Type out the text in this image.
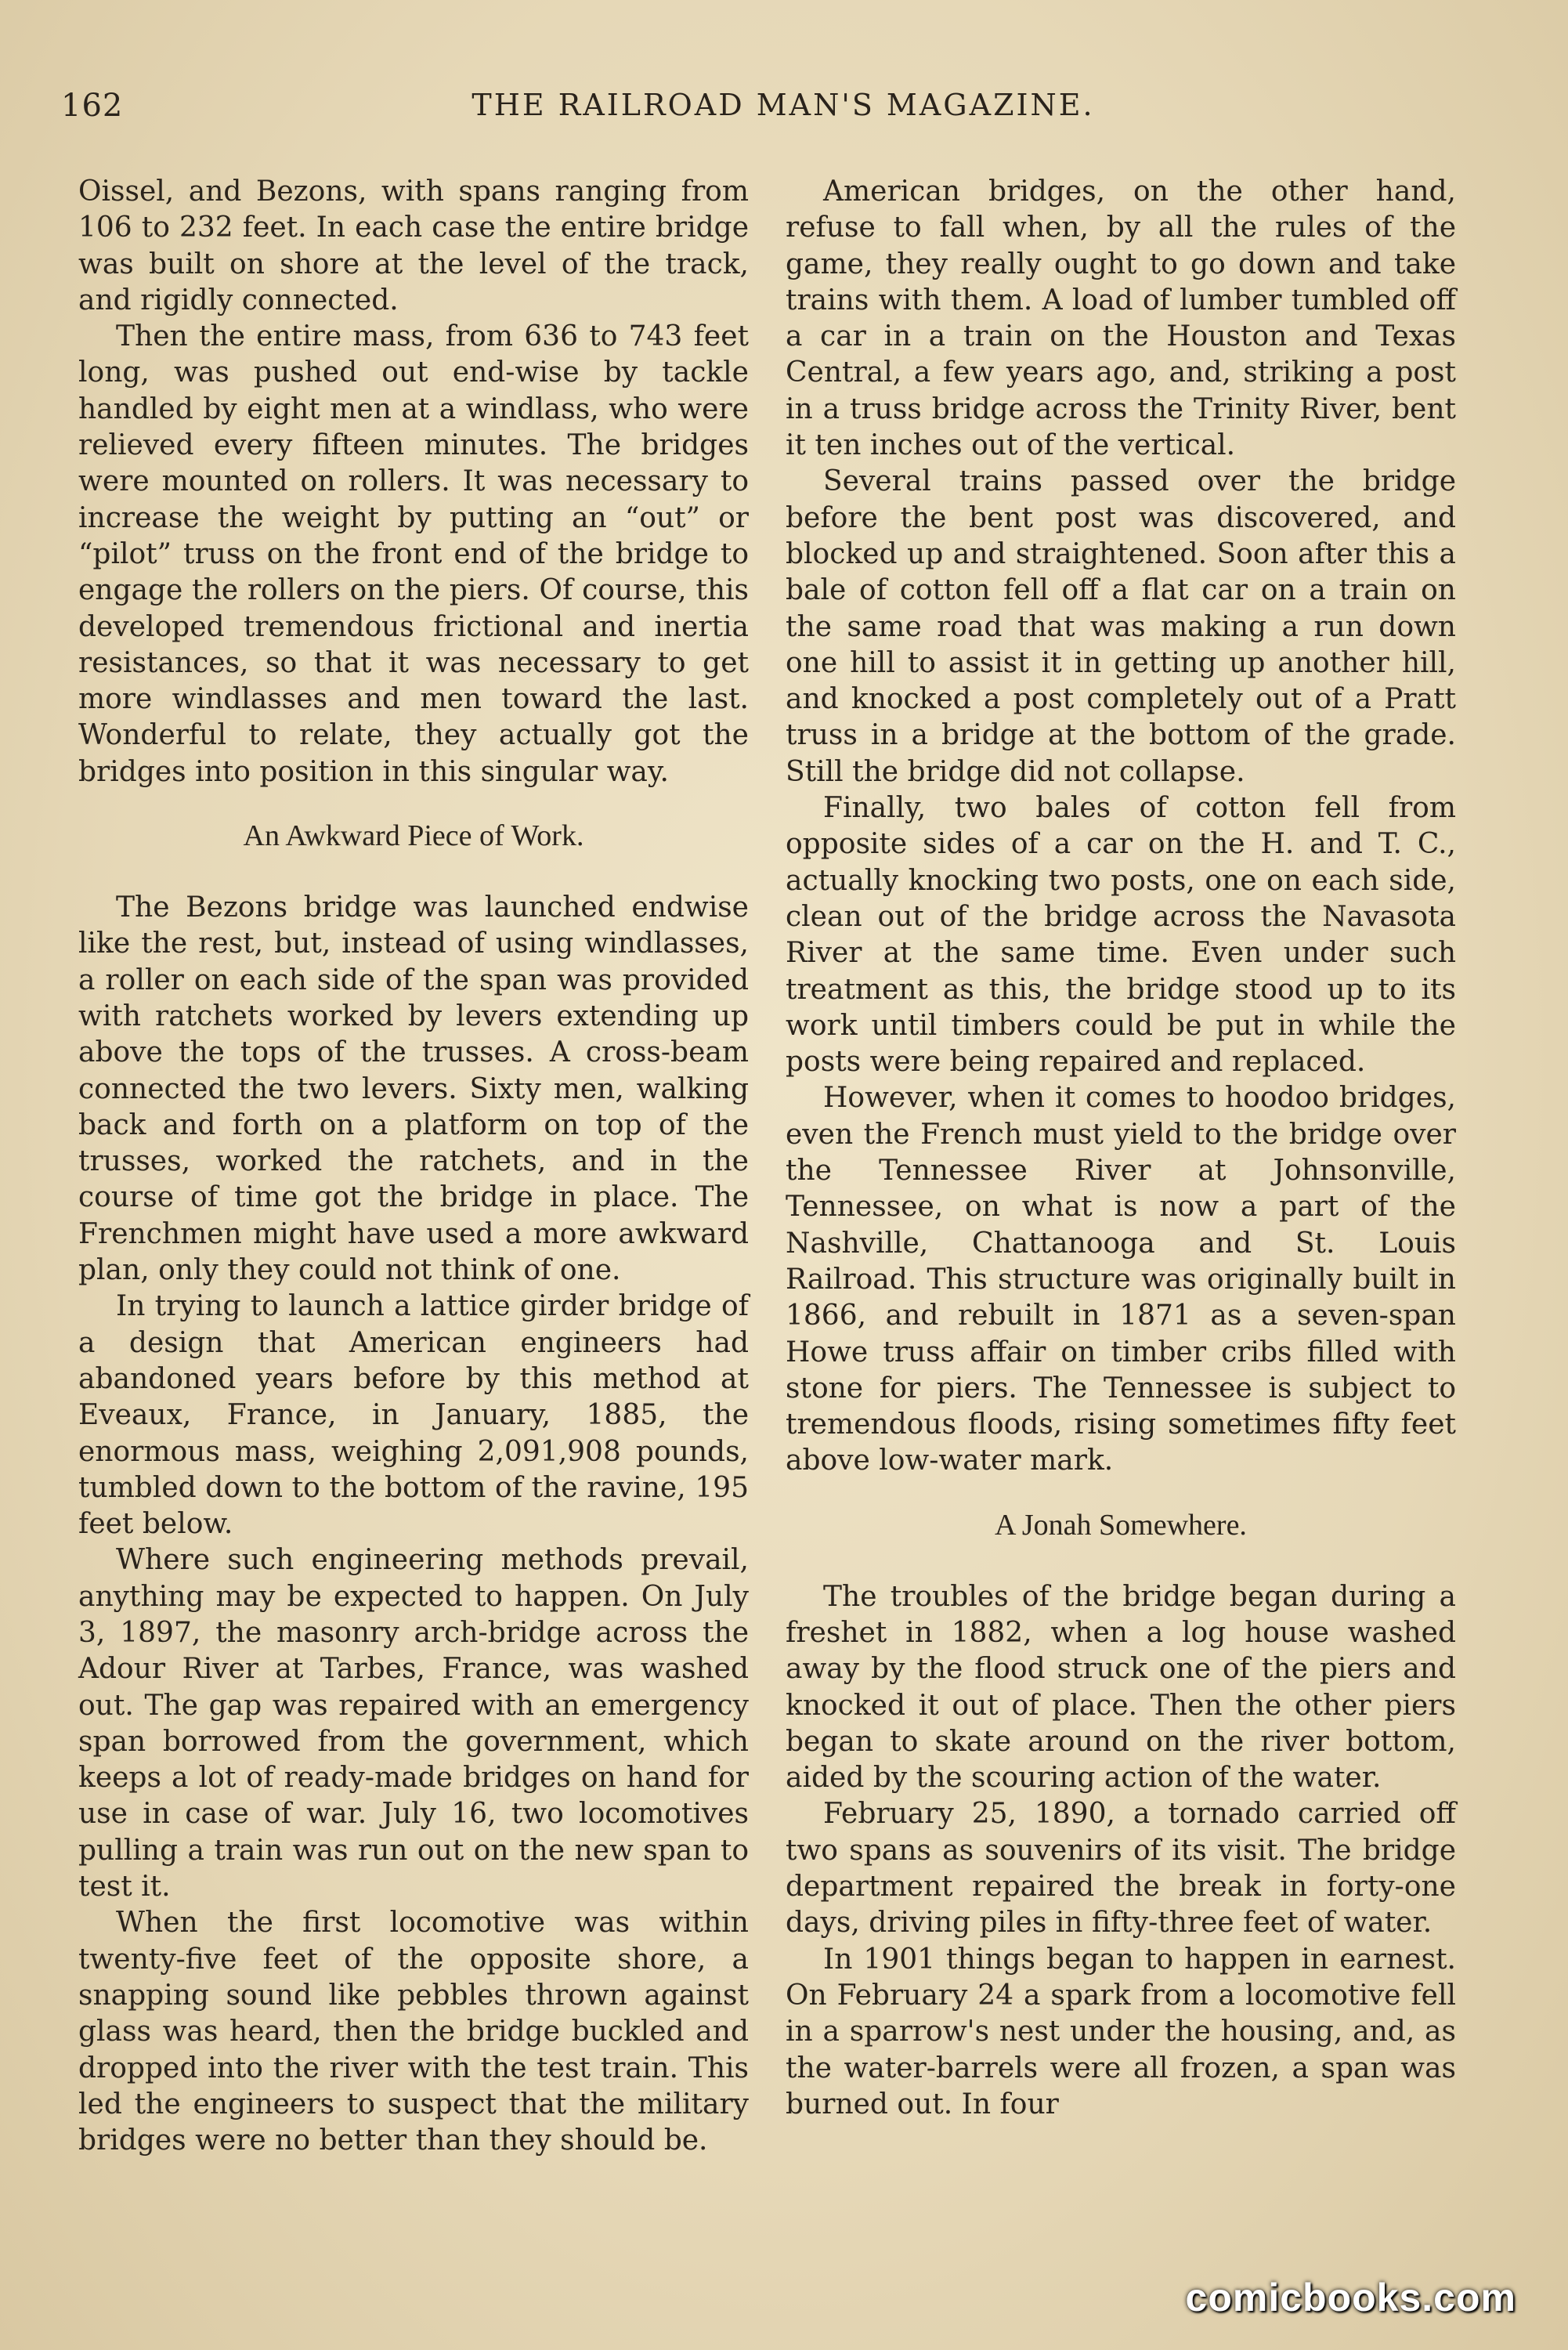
162	THE RAILROAD MAN'S MAGAZINE.

Oissel, and Bezons, with spans ranging from 106 to 232 feet. In each case the entire bridge was built on shore at the level of the track, and rigidly connected.

Then the entire mass, from 636 to 743 feet long, was pushed out end-wise by tackle handled by eight men at a windlass, who were relieved every fifteen minutes. The bridges were mounted on rollers. It was necessary to increase the weight by putting an “out” or “pilot” truss on the front end of the bridge to engage the rollers on the piers. Of course, this developed tremendous frictional and inertia resistances, so that it was necessary to get more windlasses and men toward the last. Wonderful to relate, they actually got the bridges into position in this singular way.

An Awkward Piece of Work.

The Bezons bridge was launched endwise like the rest, but, instead of using windlasses, a roller on each side of the span was provided with ratchets worked by levers extending up above the tops of the trusses. A cross-beam connected the two levers. Sixty men, walking back and forth on a platform on top of the trusses, worked the ratchets, and in the course of time got the bridge in place. The Frenchmen might have used a more awkward plan, only they could not think of one.

In trying to launch a lattice girder bridge of a design that American engineers had abandoned years before by this method at Eveaux, France, in January, 1885, the enormous mass, weighing 2,091,908 pounds, tumbled down to the bottom of the ravine, 195 feet below.

Where such engineering methods prevail, anything may be expected to happen. On July 3, 1897, the masonry arch-bridge across the Adour River at Tarbes, France, was washed out. The gap was repaired with an emergency span borrowed from the government, which keeps a lot of ready-made bridges on hand for use in case of war. July 16, two locomotives pulling a train was run out on the new span to test it.

When the first locomotive was within twenty-five feet of the opposite shore, a snapping sound like pebbles thrown against glass was heard, then the bridge buckled and dropped into the river with the test train. This led the engineers to suspect that the military bridges were no better than they should be.

American bridges, on the other hand, refuse to fall when, by all the rules of the game, they really ought to go down and take trains with them. A load of lumber tumbled off a car in a train on the Houston and Texas Central, a few years ago, and, striking a post in a truss bridge across the Trinity River, bent it ten inches out of the vertical.

Several trains passed over the bridge before the bent post was discovered, and blocked up and straightened. Soon after this a bale of cotton fell off a flat car on a train on the same road that was making a run down one hill to assist it in getting up another hill, and knocked a post completely out of a Pratt truss in a bridge at the bottom of the grade. Still the bridge did not collapse.

Finally, two bales of cotton fell from opposite sides of a car on the H. and T. C., actually knocking two posts, one on each side, clean out of the bridge across the Navasota River at the same time. Even under such treatment as this, the bridge stood up to its work until timbers could be put in while the posts were being repaired and replaced.

However, when it comes to hoodoo bridges, even the French must yield to the bridge over the Tennessee River at Johnsonville, Tennessee, on what is now a part of the Nashville, Chattanooga and St. Louis Railroad. This structure was originally built in 1866, and rebuilt in 1871 as a seven-span Howe truss affair on timber cribs filled with stone for piers. The Tennessee is subject to tremendous floods, rising sometimes fifty feet above low-water mark.

A Jonah Somewhere.

The troubles of the bridge began during a freshet in 1882, when a log house washed away by the flood struck one of the piers and knocked it out of place. Then the other piers began to skate around on the river bottom, aided by the scouring action of the water.

February 25, 1890, a tornado carried off two spans as souvenirs of its visit. The bridge department repaired the break in forty-one days, driving piles in fifty-three feet of water.

In 1901 things began to happen in earnest. On February 24 a spark from a locomotive fell in a sparrow's nest under the housing, and, as the water-barrels were all frozen, a span was burned out. In four

comicbooks.com
